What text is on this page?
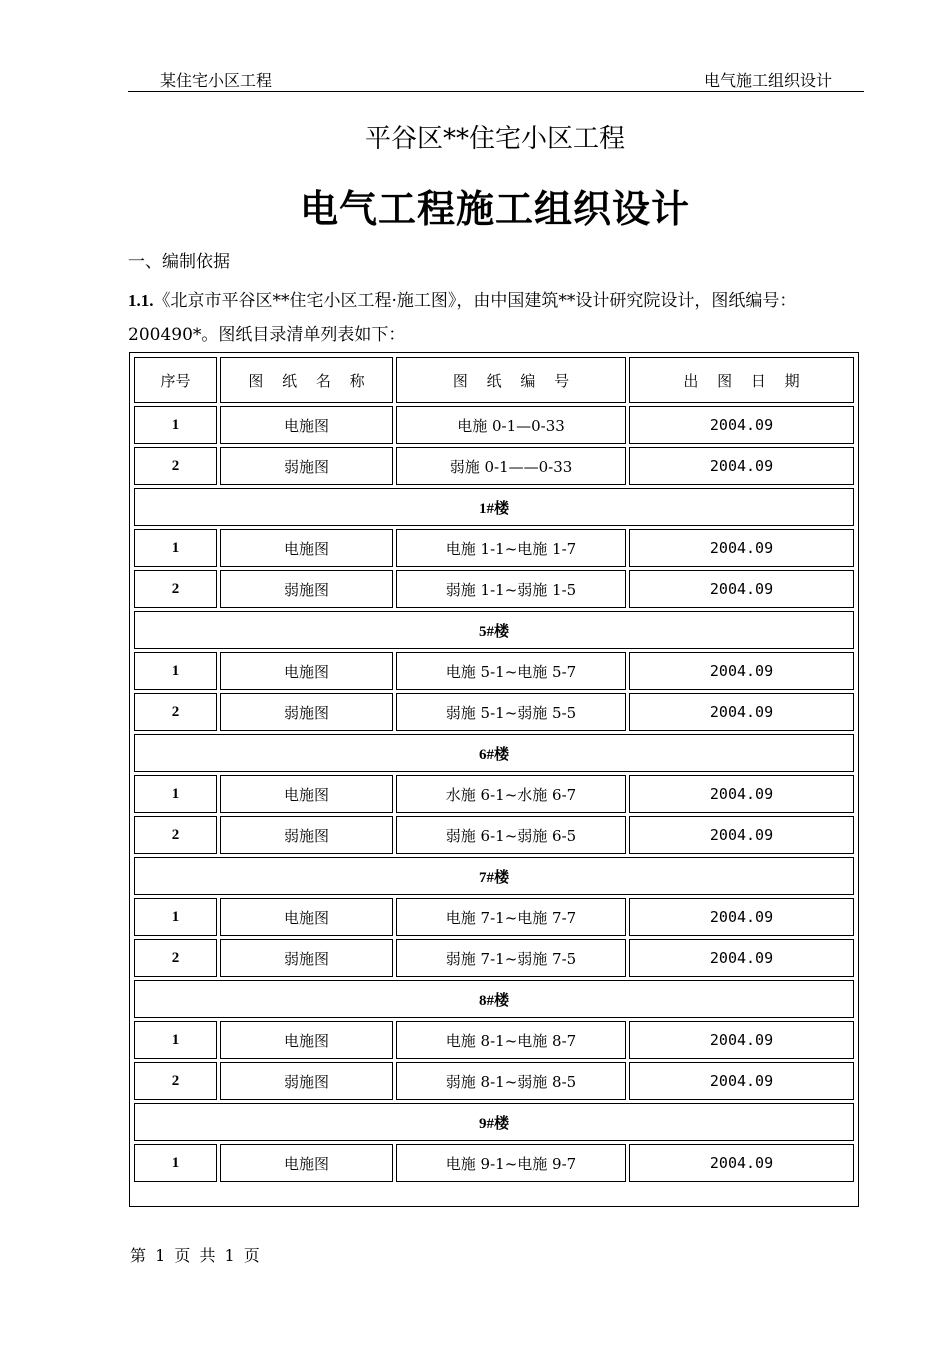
某住宅小区工程	电气施工组织设计
平谷区**住宅小区工程
电气工程施工组织设计
一、编制依据
1.1.《北京市平谷区**住宅小区工程·施工图》，由中国建筑**设计研究院设计，图纸编号：200490*。图纸目录清单列表如下：
序号	图 纸 名 称	图 纸 编 号	出 图 日 期
1	电施图	电施 0-1—0-33	2004.09
2	弱施图	弱施 0-1——0-33	2004.09
1#楼			
1	电施图	电施 1-1~电施 1-7	2004.09
2	弱施图	弱施 1-1~弱施 1-5	2004.09
5#楼			
1	电施图	电施 5-1~电施 5-7	2004.09
2	弱施图	弱施 5-1~弱施 5-5	2004.09
6#楼			
1	电施图	水施 6-1~水施 6-7	2004.09
2	弱施图	弱施 6-1~弱施 6-5	2004.09
7#楼			
1	电施图	电施 7-1~电施 7-7	2004.09
2	弱施图	弱施 7-1~弱施 7-5	2004.09
8#楼			
1	电施图	电施 8-1~电施 8-7	2004.09
2	弱施图	弱施 8-1~弱施 8-5	2004.09
9#楼			
1	电施图	电施 9-1~电施 9-7	2004.09
第 1 页 共 1 页
